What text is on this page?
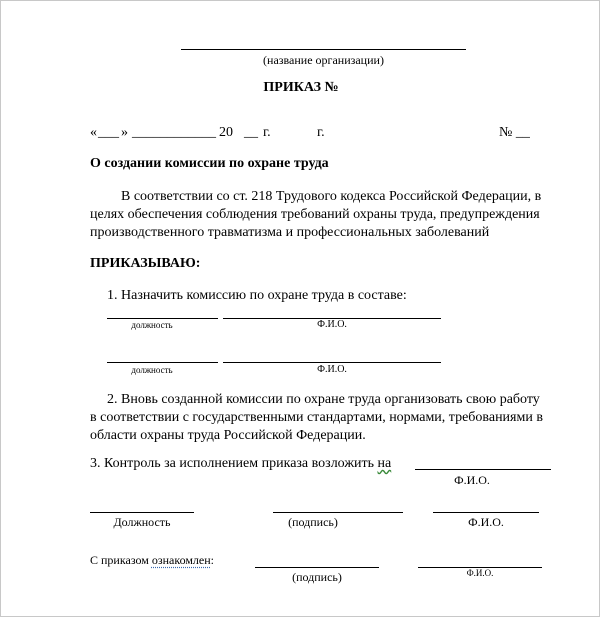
(название организации)
ПРИКАЗ №
« ___ » ____________ 20 __ г.	г.	№ __
О создании комиссии по охране труда
В соответствии со ст. 218 Трудового кодекса Российской Федерации, в
целях обеспечения соблюдения требований охраны труда, предупреждения
производственного травматизма и профессиональных заболеваний
ПРИКАЗЫВАЮ:
1. Назначить комиссию по охране труда в составе:
должность	Ф.И.О.
должность	Ф.И.О.
2. Вновь созданной комиссии по охране труда организовать свою работу
в соответствии с государственными стандартами, нормами, требованиями в
области охраны труда Российской Федерации.
3. Контроль за исполнением приказа возложить на
Ф.И.О.
Должность	(подпись)	Ф.И.О.
С приказом ознакомлен:
(подпись)	Ф.И.О.
